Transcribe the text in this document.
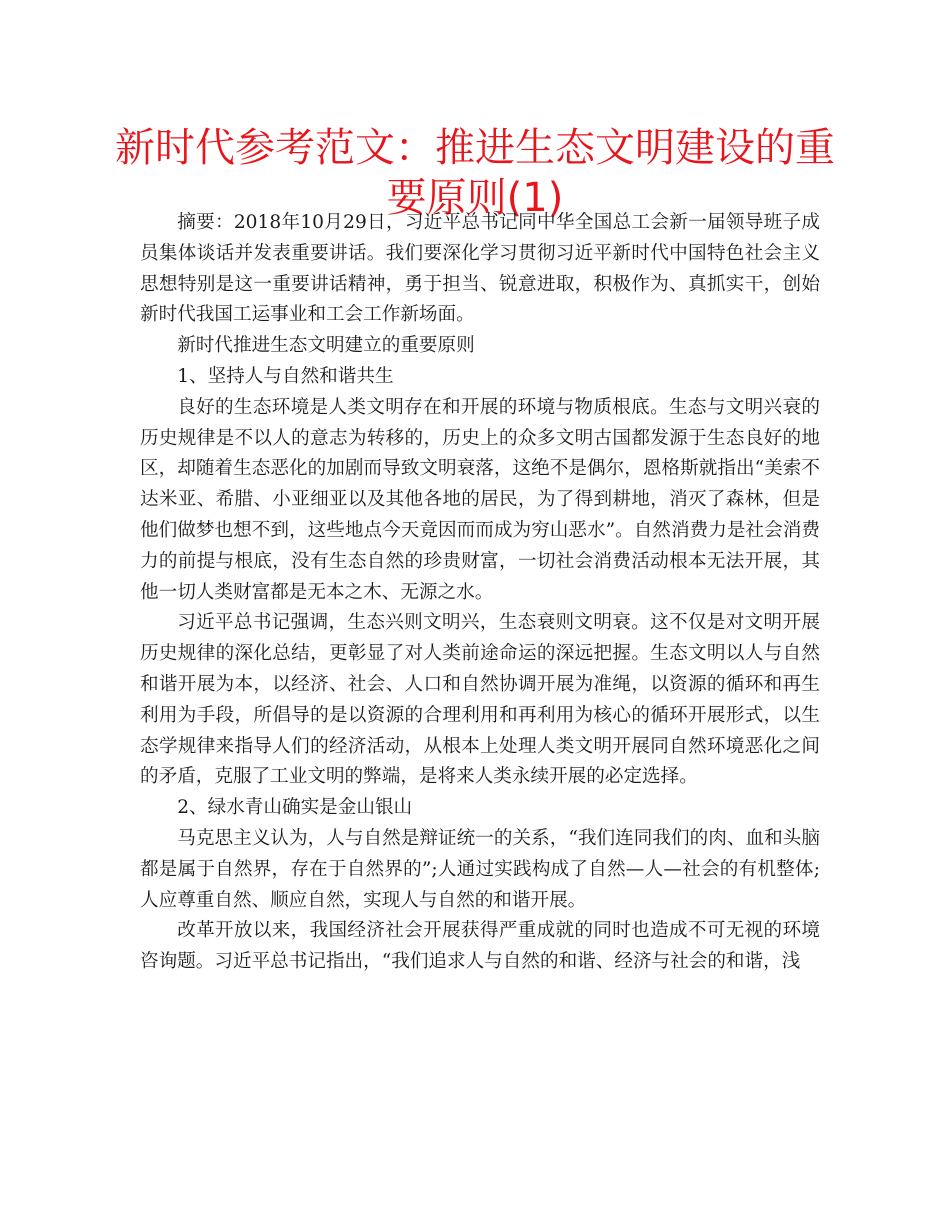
新时代参考范文：推进生态文明建设的重
要原则(1)

摘要：2018年10月29日，习近平总书记同中华全国总工会新一届领导班子成员集体谈话并发表重要讲话。我们要深化学习贯彻习近平新时代中国特色社会主义思想特别是这一重要讲话精神，勇于担当、锐意进取，积极作为、真抓实干，创始新时代我国工运事业和工会工作新场面。

新时代推进生态文明建立的重要原则

1、坚持人与自然和谐共生

良好的生态环境是人类文明存在和开展的环境与物质根底。生态与文明兴衰的历史规律是不以人的意志为转移的，历史上的众多文明古国都发源于生态良好的地区，却随着生态恶化的加剧而导致文明衰落，这绝不是偶尔，恩格斯就指出“美索不达米亚、希腊、小亚细亚以及其他各地的居民，为了得到耕地，消灭了森林，但是他们做梦也想不到，这些地点今天竟因而而成为穷山恶水”。自然消费力是社会消费力的前提与根底，没有生态自然的珍贵财富，一切社会消费活动根本无法开展，其他一切人类财富都是无本之木、无源之水。

习近平总书记强调，生态兴则文明兴，生态衰则文明衰。这不仅是对文明开展历史规律的深化总结，更彰显了对人类前途命运的深远把握。生态文明以人与自然和谐开展为本，以经济、社会、人口和自然协调开展为准绳，以资源的循环和再生利用为手段，所倡导的是以资源的合理利用和再利用为核心的循环开展形式，以生态学规律来指导人们的经济活动，从根本上处理人类文明开展同自然环境恶化之间的矛盾，克服了工业文明的弊端，是将来人类永续开展的必定选择。

2、绿水青山确实是金山银山

马克思主义认为，人与自然是辩证统一的关系，“我们连同我们的肉、血和头脑都是属于自然界，存在于自然界的”;人通过实践构成了自然—人—社会的有机整体;人应尊重自然、顺应自然，实现人与自然的和谐开展。

改革开放以来，我国经济社会开展获得严重成就的同时也造成不可无视的环境咨询题。习近平总书记指出，“我们追求人与自然的和谐、经济与社会的和谐，浅
